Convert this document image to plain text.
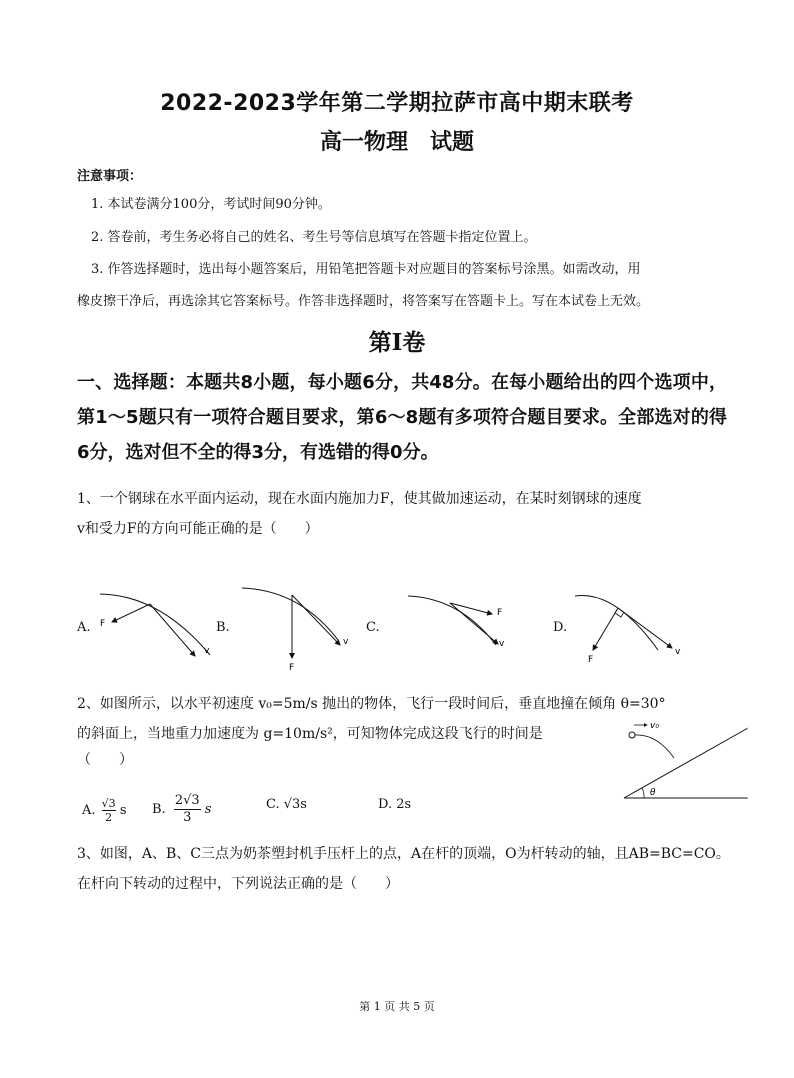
2022-2023学年第二学期拉萨市高中期末联考
高一物理　试题
注意事项：
1. 本试卷满分100分，考试时间90分钟。
2. 答卷前，考生务必将自己的姓名、考生号等信息填写在答题卡指定位置上。
3. 作答选择题时，选出每小题答案后，用铅笔把答题卡对应题目的答案标号涂黑。如需改动，用
橡皮擦干净后，再选涂其它答案标号。作答非选择题时，将答案写在答题卡上。写在本试卷上无效。
第Ⅰ卷
一、选择题：本题共8小题，每小题6分，共48分。在每小题给出的四个选项中，第1～5题只有一项符合题目要求，第6～8题有多项符合题目要求。全部选对的得6分，选对但不全的得3分，有选错的得0分。
1、一个钢球在水平面内运动，现在水面内施加力F，使其做加速运动，在某时刻钢球的速度
v和受力F的方向可能正确的是（　　）
A.	B.	C.	D.
F
v
F
v
F
v
F
v
2、如图所示，以水平初速度 v₀=5m/s 抛出的物体，飞行一段时间后，垂直地撞在倾角 θ=30°
的斜面上，当地重力加速度为 g=10m/s²，可知物体完成这段飞行的时间是
（　　）
A. $\frac{√3}{2}$ s B. $\frac{2√3}{3}$ s	C. √3s	D. 2s
v₀
θ
3、如图，A、B、C三点为奶茶塑封机手压杆上的点，A在杆的顶端，O为杆转动的轴，且AB=BC=CO。
在杆向下转动的过程中，下列说法正确的是（　　）
第 1 页 共 5 页
